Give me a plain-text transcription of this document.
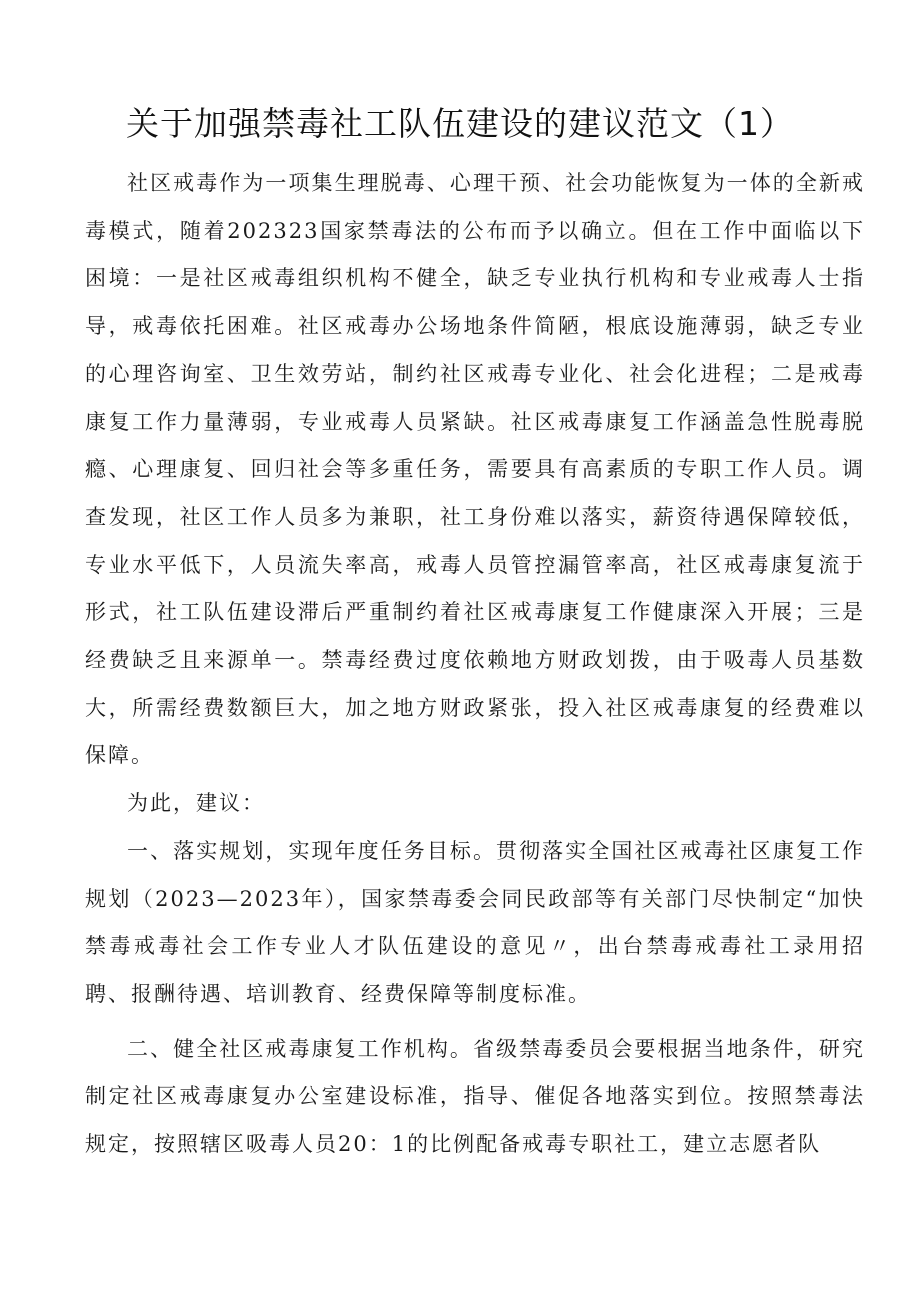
关于加强禁毒社工队伍建设的建议范文（1）

社区戒毒作为一项集生理脱毒、心理干预、社会功能恢复为一体的全新戒毒模式，随着202323国家禁毒法的公布而予以确立。但在工作中面临以下困境：一是社区戒毒组织机构不健全，缺乏专业执行机构和专业戒毒人士指导，戒毒依托困难。社区戒毒办公场地条件简陋，根底设施薄弱，缺乏专业的心理咨询室、卫生效劳站，制约社区戒毒专业化、社会化进程；二是戒毒康复工作力量薄弱，专业戒毒人员紧缺。社区戒毒康复工作涵盖急性脱毒脱瘾、心理康复、回归社会等多重任务，需要具有高素质的专职工作人员。调查发现，社区工作人员多为兼职，社工身份难以落实，薪资待遇保障较低，专业水平低下，人员流失率高，戒毒人员管控漏管率高，社区戒毒康复流于形式，社工队伍建设滞后严重制约着社区戒毒康复工作健康深入开展；三是经费缺乏且来源单一。禁毒经费过度依赖地方财政划拨，由于吸毒人员基数大，所需经费数额巨大，加之地方财政紧张，投入社区戒毒康复的经费难以保障。

为此，建议：

一、落实规划，实现年度任务目标。贯彻落实全国社区戒毒社区康复工作规划（2023—2023年），国家禁毒委会同民政部等有关部门尽快制定“加快禁毒戒毒社会工作专业人才队伍建设的意见〃，出台禁毒戒毒社工录用招聘、报酬待遇、培训教育、经费保障等制度标准。

二、健全社区戒毒康复工作机构。省级禁毒委员会要根据当地条件，研究制定社区戒毒康复办公室建设标准，指导、催促各地落实到位。按照禁毒法规定，按照辖区吸毒人员20：1的比例配备戒毒专职社工，建立志愿者队
